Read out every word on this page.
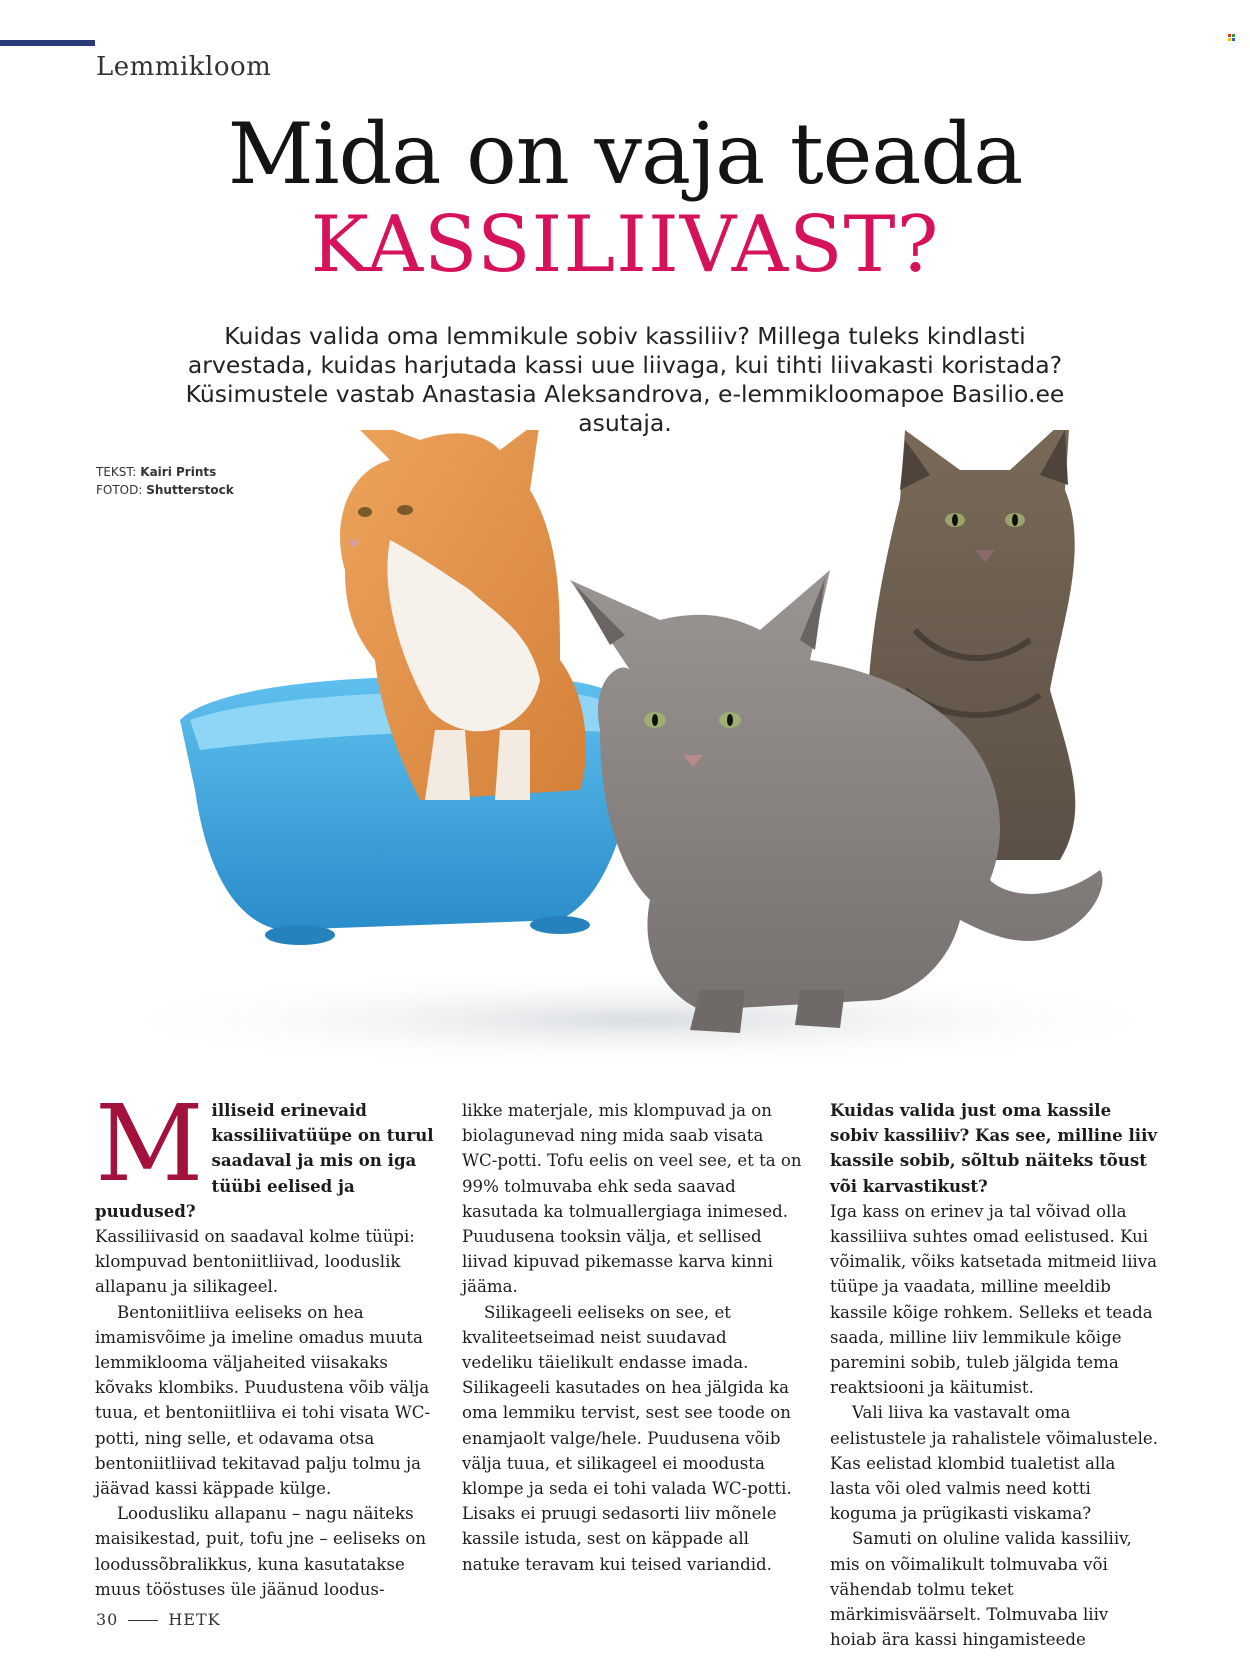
Lemmikloom
Mida on vaja teada
KASSILIIVAST?

Kuidas valida oma lemmikule sobiv kassiliiv? Millega tuleks kindlasti arvestada, kuidas harjutada kassi uue liivaga, kui tihti liivakasti koristada? Küsimustele vastab Anastasia Aleksandrova, e-lemmikloomapoe Basilio.ee asutaja.

TEKST: Kairi Prints
FOTOD: Shutterstock

M illiseid erinevaid kassiliivatüüpe on turul saadaval ja mis on iga tüübi eelised ja puudused?

Kassiliivasid on saadaval kolme tüüpi: klompuvad bentoniitliivad, looduslik allapanu ja silikageel.

Bentoniitliiva eeliseks on hea imamisvõime ja imeline omadus muuta lemmiklooma väljaheited viisakaks kõvaks klombiks. Puudustena võib välja tuua, et bentoniitliiva ei tohi visata WC-potti, ning selle, et odavama otsa bentoniitliivad tekitavad palju tolmu ja jäävad kassi käppade külge.

Loodusliku allapanu – nagu näiteks maisikestad, puit, tofu jne – eeliseks on loodussõbralikkus, kuna kasutatakse muus tööstuses üle jäänud loodus-

likke materjale, mis klompuvad ja on biolagunevad ning mida saab visata WC-potti. Tofu eelis on veel see, et ta on 99% tolmuvaba ehk seda saavad kasutada ka tolmuallergiaga inimesed. Puudusena tooksin välja, et sellised liivad kipuvad pikemasse karva kinni jääma.

Silikageeli eeliseks on see, et kvaliteetseimad neist suudavad vedeliku täielikult endasse imada. Silikageeli kasutades on hea jälgida ka oma lemmiku tervist, sest see toode on enamjaolt valge/hele. Puudusena võib välja tuua, et silikageel ei moodusta klompe ja seda ei tohi valada WC-potti. Lisaks ei pruugi sedasorti liiv mõnele kassile istuda, sest on käppade all natuke teravam kui teised variandid.

Kuidas valida just oma kassile sobiv kassiliiv? Kas see, milline liiv kassile sobib, sõltub näiteks tõust või karvastikust?

Iga kass on erinev ja tal võivad olla kassiliiva suhtes omad eelistused. Kui võimalik, võiks katsetada mitmeid liiva tüüpe ja vaadata, milline meeldib kassile kõige rohkem. Selleks et teada saada, milline liiv lemmikule kõige paremini sobib, tuleb jälgida tema reaktsiooni ja käitumist.

Vali liiva ka vastavalt oma eelistustele ja rahalistele võimalustele. Kas eelistad klombid tualetist alla lasta või oled valmis need kotti koguma ja prügikasti viskama?

Samuti on oluline valida kassiliiv, mis on võimalikult tolmuvaba või vähendab tolmu teket märkimisväärselt. Tolmuvaba liiv hoiab ära kassi hingamisteede

30	HETK
